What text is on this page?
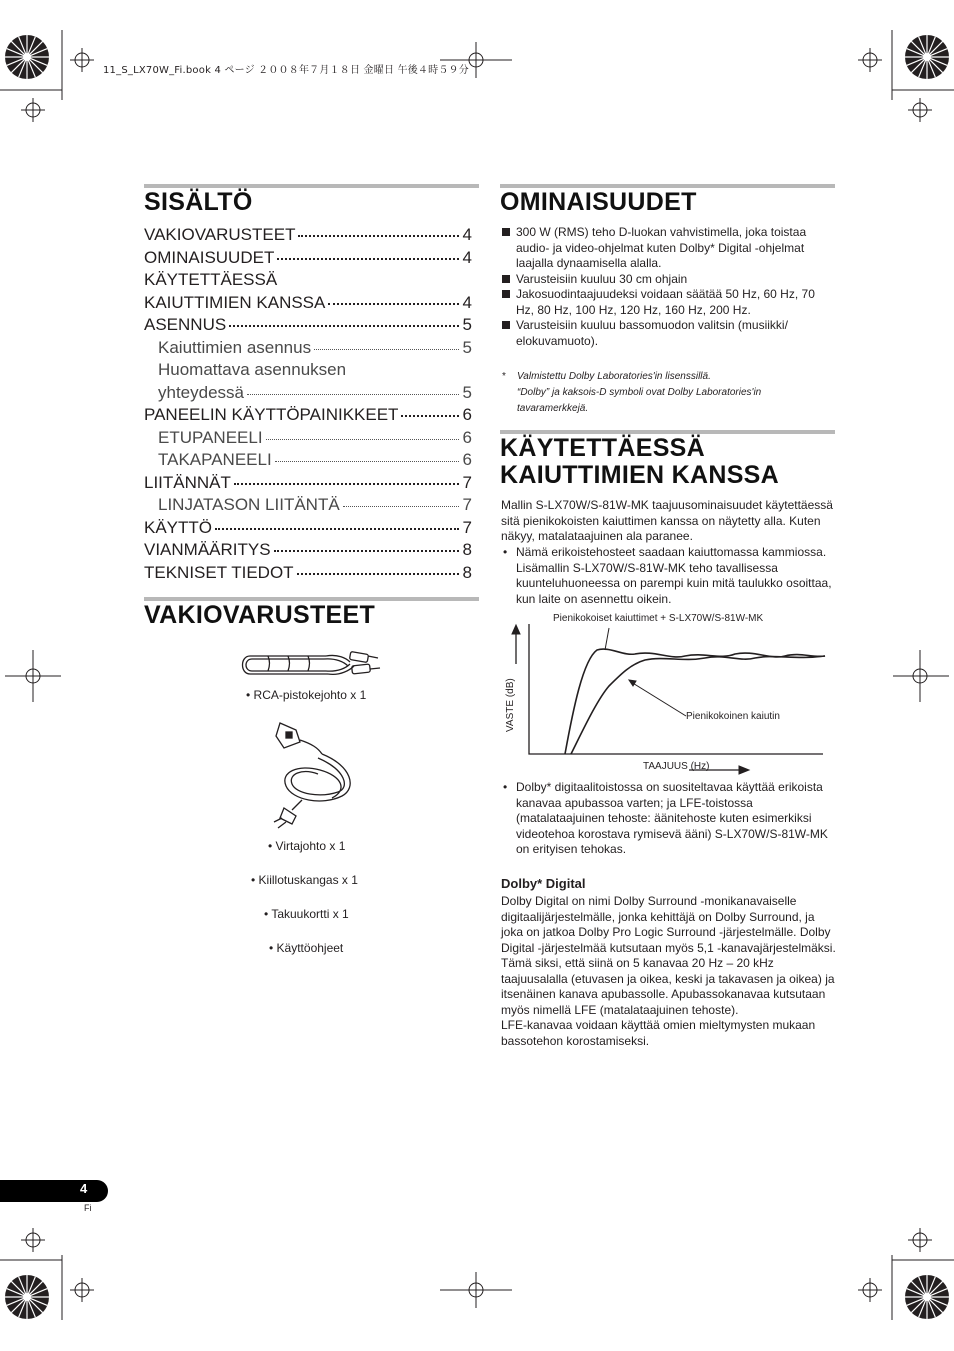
11_S_LX70W_Fi.book 4 ページ ２００８年７月１８日 金曜日 午後４時５９分
SISÄLTÖ
VAKIOVARUSTEET	4
OMINAISUUDET	4
KÄYTETTÄESSÄ
KAIUTTIMIEN KANSSA	4
ASENNUS	5
Kaiuttimien asennus	5
Huomattava asennuksen
yhteydessä	5
PANEELIN KÄYTTÖPAINIKKEET	6
ETUPANEELI	6
TAKAPANEELI	6
LIITÄNNÄT	7
LINJATASON LIITÄNTÄ	7
KÄYTTÖ	7
VIANMÄÄRITYS	8
TEKNISET TIEDOT	8
VAKIOVARUSTEET
• RCA-pistokejohto x 1
• Virtajohto x 1
• Kiillotuskangas x 1
• Takuukortti x 1
• Käyttöohjeet
OMINAISUUDET
300 W (RMS) teho D-luokan vahvistimella, joka toistaa audio- ja video-ohjelmat kuten Dolby* Digital -ohjelmat laajalla dynaamisella alalla.
Varusteisiin kuuluu 30 cm ohjain
Jakosuodintaajuudeksi voidaan säätää 50 Hz, 60 Hz, 70 Hz, 80 Hz, 100 Hz, 120 Hz, 160 Hz, 200 Hz.
Varusteisiin kuuluu bassomuodon valitsin (musiikki/ elokuvamuoto).
*	Valmistettu Dolby Laboratories'in lisenssillä.
“Dolby” ja kaksois-D symboli ovat Dolby Laboratories'in tavaramerkkejä.
KÄYTETTÄESSÄ
KAIUTTIMIEN KANSSA
Mallin S-LX70W/S-81W-MK taajuusominaisuudet käytettäessä sitä pienikokoisten kaiuttimen kanssa on näytetty alla. Kuten näkyy, matalataajuinen ala paranee.
• Nämä erikoistehosteet saadaan kaiuttomassa kammiossa. Lisämallin S-LX70W/S-81W-MK teho tavallisessa kuunteluhuoneessa on parempi kuin mitä taulukko osoittaa, kun laite on asennettu oikein.
Pienikokoiset kaiuttimet + S-LX70W/S-81W-MK
Pienikokoinen kaiutin
VASTE (dB)
TAAJUUS (Hz)
• Dolby* digitaalitoistossa on suositeltavaa käyttää erikoista kanavaa apubassoa varten; ja LFE-toistossa (matalataajuinen tehoste: äänitehoste kuten esimerkiksi videotehoa korostava rymisevä ääni) S-LX70W/S-81W-MK on erityisen tehokas.
Dolby* Digital
Dolby Digital on nimi Dolby Surround -monikanavaiselle digitaalijärjestelmälle, jonka kehittäjä on Dolby Surround, ja joka on jatkoa Dolby Pro Logic Surround -järjestelmälle. Dolby Digital -järjestelmää kutsutaan myös 5,1 -kanavajärjestelmäksi. Tämä siksi, että siinä on 5 kanavaa 20 Hz – 20 kHz taajuusalalla (etuvasen ja oikea, keski ja takavasen ja oikea) ja itsenäinen kanava apubassolle. Apubassokanavaa kutsutaan myös nimellä LFE (matalataajuinen tehoste).
LFE-kanavaa voidaan käyttää omien mieltymysten mukaan bassotehon korostamiseksi.
4
Fi
